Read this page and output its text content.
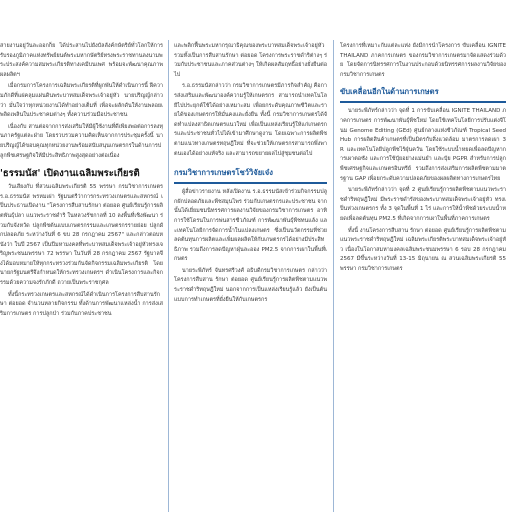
สายงานอยู่วันละออกก็ย ได้ประสานไปยังบัลลังค์กษัตริย์ทั่วโลกให้การรับรองภูมิภาคแห่งทรัพย์ยนต์พระมหากษัตริย์ทรงพระราชทานลงนามพระประสงค์ความสมพระเกียรติทางเคมีบนเพศ พร้อมจะพัฒนาคุณภาพผลผลิตฯ

เมื่อกรมการโครงการเฉลิมพระเกียรติที่ผูกพันให้ดำเนินการนี้ ฝีความภักดีที่แผ่คลุมแผ่นดินพระบาทสมเด็จพระเจ้าอยู่หัว นายปริญญ์กล่าวว่า มั่นใจว่าทุกหน่วยงานได้ทำอย่างเต็มที่ เพื่อจะผลักดันให้งานพลอยเพลิดเพลินในประชาคมต่างๆ ทั้งความร่วมมือประชาชน

เนื่องกับ สานต่อจากการส่งเสริมให้มีผู้ใช้งานที่ดีเพียงพอต่อการลงทุนภาครัฐแต่ละฝ่าย โดยรวบรวมความคิดเห็นจากการประชุมครั้งนี้ นายปริญญ์ได้ขอบคุณทุกหน่วยงานพร้อมสนับสนุนเกษตรกรในด้านการปลูกพืชเศรษฐกิจให้มีประสิทธิภาพสูงสุดอย่างต่อเนื่อง

'ธรรมนัส' เปิดงานเฉลิมพระเกียรติ

วันเสียงกับ ที่สวนเฉลิมพระเกียรติ 55 พรรษา กรมวิชาการเกษตร ร.อ.ธรรมนัส พรหมเผ่า รัฐมนตรีว่าการกระทรวงเกษตรและสหกรณ์ เป็นประธานเปิดงาน "โครงการสืบสานรักษา ต่อยอด ศูนย์เรียนรู้การผลิตพันธุ์ปลา แนวพระราชดำริ ในหลวงรัชกาลที่ 10 ลงพื้นที่เชิงพัฒนา ร่วมกับจังหวัด ปลูกพืชต้นแบบเกษตรกรรมและเกษตรกรรายย่อย ปลูกผักปลอดภัย ระหว่างวันที่ 6 ขบ 28 กรกฎาคม 2567" และกล่าวตอบหนังว่า ในปี 2567 เป็นปีมหามงคลที่พระบาทสมเด็จพระเจ้าอยู่หัวทรงเจริญพระชนมพรรษา 72 พรรษา ในวันที่ 28 กรกฎาคม 2567 รัฐบาลจึงได้มอบหมายให้ทุกกระทรวงร่วมกันจัดกิจกรรมเฉลิมพระเกียรติ โดยนายกรัฐมนตรีจึงกำหนดให้กระทรวงเกษตรฯ ดำเนินโครงการและกิจกรรมด้วยความจงรักภักดี ถวายเป็นพระราชกุศล

ทั้งนี้กระทรวงเกษตรและสหกรณ์ได้ดำเนินการโครงการสืบสานรักษา ต่อยอด จำนวนหลายกิจกรรม ทั้งด้านการพัฒนาแหล่งน้ำ การส่งเสริมการเกษตร การปลูกป่า ร่วมกับภาคประชาชน

และพลิกฟื้นพระมหากรุณาธิคุณของพระบาทสมเด็จพระเจ้าอยู่หัว รวมทั้งเป็นการสืบสานรักษา ต่อยอด โครงการพระราชดำริต่างๆ ร่วมกับประชาชนและภาคส่วนต่างๆ ให้เกิดผลสัมฤทธิ์อย่างยั่งยืนต่อไป

ร.อ.ธรรมนัสกล่าวว่า กรมวิชาการเกษตรมีภารกิจสำคัญ คือการส่งเสริมและพัฒนาองค์ความรู้ให้เกษตรกร สามารถนำเทคโนโลยีไปประยุกต์ใช้ได้อย่างเหมาะสม เพื่อยกระดับคุณภาพชีวิตและรายได้ของเกษตรกรให้มั่นคงและยั่งยืน ทั้งนี้ กรมวิชาการเกษตรได้จัดทำแปลงสาธิตเกษตรแนวใหม่ เพื่อเป็นแหล่งเรียนรู้ให้แก่เกษตรกรและประชาชนทั่วไปได้เข้ามาศึกษาดูงาน โดยเฉพาะการผลิตพืชตามแนวทางเกษตรทฤษฎีใหม่ ที่จะช่วยให้เกษตรกรสามารถพึ่งพาตนเองได้อย่างแท้จริง และสามารถขยายผลไปสู่ชุมชนต่อไป

กรมวิชาการเกษตรโชว์วิจัยเจ๋ง

ผู้สื่อข่าวรายงาน หลังเปิดงาน ร.อ.ธรรมนัสเข้าร่วมกิจกรรมปลูกผักปลอดภัยและพืชสมุนไพร ร่วมกับเกษตรกรและประชาชน จากนั้นได้เยี่ยมชมนิทรรศการผลงานวิจัยของกรมวิชาการเกษตร อาทิ การใช้โดรนในการพ่นสารชีวภัณฑ์ การพัฒนาพันธุ์พืชทนแล้ง และเทคโนโลยีการจัดการน้ำในแปลงเกษตร ซึ่งเป็นนวัตกรรมที่ช่วยลดต้นทุนการผลิตและเพิ่มผลผลิตให้กับเกษตรกรได้อย่างมีประสิทธิภาพ รวมถึงการลดปัญหาฝุ่นละออง PM2.5 จากการเผาในพื้นที่เกษตร

นายระพีภัทร์ จันทรศรีวงศ์ อธิบดีกรมวิชาการเกษตร กล่าวว่า โครงการสืบสาน รักษา ต่อยอด ศูนย์เรียนรู้การผลิตพืชตามแนวพระราชดำริทฤษฎีใหม่ นอกจากการเป็นแหล่งเรียนรู้แล้ว ยังเป็นต้นแบบการทำเกษตรที่ยั่งยืนให้กับเกษตรกร

โครงการที่เหมาะกับแต่ละแห่ง ยังมีการนำโครงการ ขับเคลื่อน IGNITE THAILAND ภาคการเกษตร ของกรมวิชาการเกษตรมาจัดแสดงร่วมด้วย โดยจัดการนิทรรศการในงานประกอบด้วยนิทรรศการผลงานวิจัยของกรมวิชาการเกษตร

ขับเคลื่อนอีกในด้านการเกษตร

นายระพีภัทร์กล่าวว่า จุดที่ 1 การขับเคลื่อน IGNITE THAILAND ภาคการเกษตร การพัฒนาพันธุ์พืชใหม่ โดยใช้เทคโนโลยีการปรับแต่งจีโนม Genome Editing (GEd) ศูนย์กลางแห่งชีวภัณฑ์ Tropical Seed Hub การผลิตสินค้าเกษตรที่เป็นมิตรกับสิ่งแวดล้อม มาตรการลดเผา 3R และเทคโนโลยีปลูกพืชไร้ฝุ่นควัน โดยใช้ระบบน้ำหยดเพื่อลดปัญหาการเผาตอซัง และการใช้ปุ๋ยอย่างแม่นยำ และปุ๋ย PGPR สำหรับการปลูกพืชเศรษฐกิจและเกษตรอินทรีย์ รวมถึงการส่งเสริมการผลิตพืชตามมาตรฐาน GAP เพื่อยกระดับความปลอดภัยของผลผลิตทางการเกษตรไทย

นายระพีภัทร์กล่าวว่า จุดที่ 2 ศูนย์เรียนรู้การผลิตพืชตามแนวพระราชดำริทฤษฎีใหม่ มีพระราชดำรัสของพระบาทสมเด็จพระเจ้าอยู่หัว ทรงเป็นห่วงเกษตรกร ทั้ง 3 จุดในพื้นที่ 1 ไร่ และการให้น้ำพืชด้วยระบบน้ำหยดเพื่อลดต้นทุน PM2.5 ที่เกิดจากการเผาในพื้นที่ภาคการเกษตร

ทั้งนี้ งานโครงการสืบสาน รักษา ต่อยอด ศูนย์เรียนรู้การผลิตพืชตามแนวพระราชดำริทฤษฎีใหม่ เฉลิมพระเกียรติพระบาทสมเด็จพระเจ้าอยู่หัว เนื่องในโอกาสมหามงคลเฉลิมพระชนมพรรษา 6 รอบ 28 กรกฎาคม 2567 มีขึ้นระหว่างวันที่ 13-15 มิถุนายน ณ สวนเฉลิมพระเกียรติ 55 พรรษา กรมวิชาการเกษตร
